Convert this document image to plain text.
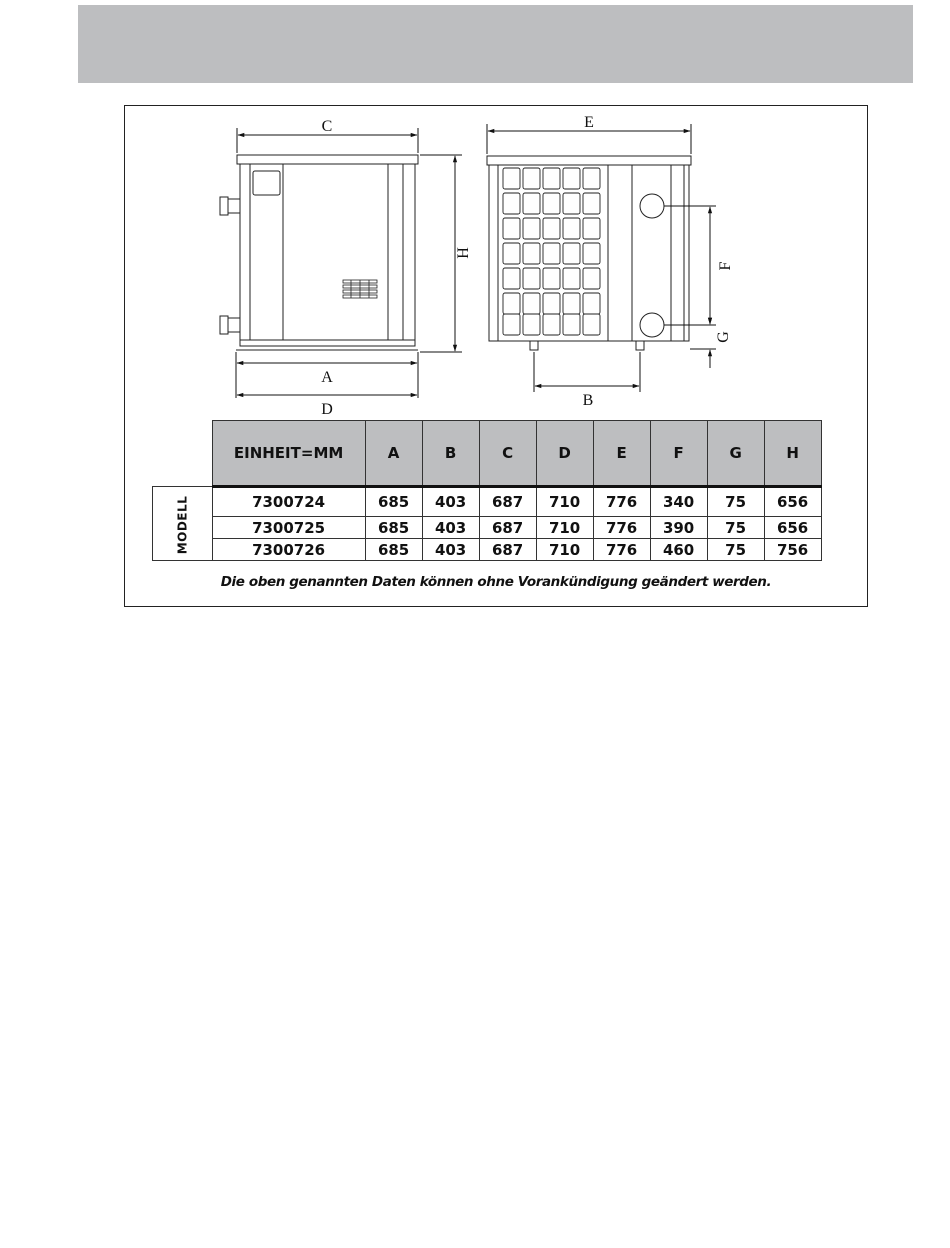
C
H
A
D
E
F
G
B
	EINHEIT=MM	A	B	C	D	E	F	G	H
MODELL	7300724	685	403	687	710	776	340	75	656
	7300725	685	403	687	710	776	390	75	656
	7300726	685	403	687	710	776	460	75	756
Die oben genannten Daten können ohne Vorankündigung geändert werden.
